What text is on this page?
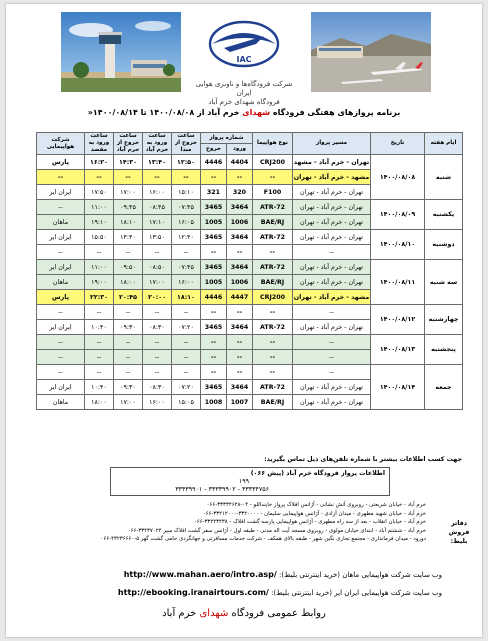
IAC
شرکت فرودگاه‌ها و ناوبری هوایی ایران
فرودگاه شهدای خرم آباد
برنامه پروازهای هفتگی فرودگاه شهدای خرم آباد از ۱۴۰۰/۰۸/۰۸ تا ۱۴۰۰/۰۸/۱۴«
ایام هفته	تاریخ	مسیر پرواز	نوع هواپیما	شماره پرواز		ساعت خروج از مبدا	ساعت ورود به خرم آباد	ساعت خروج از خرم آباد	ساعت ورود به مقصد	شرکت هواپیمایی
				ورود	خروج					
شنبه	۱۴۰۰/۰۸/۰۸	تهران - خرم آباد - مشهد	CRJ200	4404	4446	۱۲:۵۰	۱۳:۴۰	۱۴:۳۰	۱۶:۲۰	پارس
		مشهد - خرم آباد - تهران	--	--	--	--	--	--	--	--
		تهران - خرم آباد - تهران	F100	320	321	۱۵:۱۰	۱۶:۰۰	۱۷:۰۰	۱۷:۵۰	ایران ایر
یکشنبه	۱۴۰۰/۰۸/۰۹	تهران - خرم آباد - تهران	ATR-72	3464	3465	۰۷:۴۵	۰۸:۴۵	۰۹:۴۵	۱۱:۰۰	--
		تهران - خرم آباد - تهران	BAE/RJ	1006	1005	۱۶:۰۵	۱۷:۱۰	۱۸:۱۰	۱۹:۱۰	ماهان
دوشنبه	۱۴۰۰/۰۸/۱۰	تهران - خرم آباد - تهران	ATR-72	3464	3465	۱۲:۴۰	۱۳:۵۰	۱۴:۴۰	۱۵:۵۰	ایران ایر
		--	--	--	--	--	--	--	--	--
سه شنبه	۱۴۰۰/۰۸/۱۱	تهران - خرم آباد - تهران	ATR-72	3464	3465	۰۷:۴۵	۰۸:۵۰	۰۹:۵۰	۱۱:۰۰	ایران ایر
		تهران - خرم آباد - تهران	BAE/RJ	1006	1005	۱۶:۰۰	۱۷:۰۰	۱۸:۰۰	۱۹:۰۰	ماهان
		مشهد - خرم آباد - تهران	CRJ200	4447	4446	۱۸:۱۰	۲۰:۰۰	۲۰:۴۵	۲۲:۳۰	پارس
چهارشنبه	۱۴۰۰/۰۸/۱۲	--	--	--	--	--	--	--	--	--
		تهران - خرم آباد - تهران	ATR-72	3464	3465	۰۷:۲۰	۰۸:۳۰	۰۹:۳۰	۱۰:۴۰	ایران ایر
پنجشنبه	۱۴۰۰/۰۸/۱۳	--	--	--	--	--	--	--	--	--
		--	--	--	--	--	--	--	--	--
جمعه	۱۴۰۰/۰۸/۱۴	--	--	--	--	--	--	--	--	--
		تهران - خرم آباد - تهران	ATR-72	3464	3465	۰۷:۲۰	۰۸:۳۰	۰۹:۳۰	۱۰:۴۰	ایران ایر
		تهران - خرم آباد - تهران	BAE/RJ	1007	1008	۱۵:۰۵	۱۶:۰۰	۱۷:۰۰	۱۸:۰۰	ماهان
جهت کسب اطلاعات بیشتر با شماره تلفن‌های ذیل تماس بگیرید:
اطلاعات پرواز فرودگاه خرم آباد (پیش ۰۶۶)
۱۹۹
۳۳۳۳۴۷۵۶ - ۳۳۳۳۹۹۰۲ - ۳۳۳۳۹۹۰۱
خرم آباد - خیابان شریعتی - روبروی آتش نشانی - آژانس افلاک پرواز خاپنداللو - ۰۴-۳۳۳۳۴۶۴۸-۰۶۶
خرم آباد - خیابان شهید مطهری - میدان آزادی - آژانس هواپیمایی سلیمان - ۳۳۲۰۰۰۰-۳۳۲۱۲۰۰۰-۰۶۶
خرم آباد - خیابان انقلاب - بعد از سه راه مطهری - آژانس هواپیمایی پارسه گشت افلاک - ۳۳۲۲۳۴۳۸-۰۶۶
خرم آباد - ششتم آباد - ابتدای خیابان مولوی - روبروی مسجد آیت اله مدنی - طبقه اول - آژانس سفر گشت افلاک سیر ۳۳۴۳۷۰۲۴-۰۶۶
دورود - میدان فرمانداری - مجتمع تجاری نگین شهر - طبقه بالای همکف - شرکت خدمات مسافرتی و جهانگردی حامی گشت گهر ۵-۴۳۲۳۶۶۶۰-۰۶۶
دفاتر فروش بلیط:
وب سایت شرکت هواپیمایی ماهان (خرید اینترنتی بلیط): http://www.mahan.aero/intro.asp/
وب سایت شرکت هواپیمایی ایران ایر (خرید اینترنتی بلیط): http://ebooking.iranairtours.com/
روابط عمومی فرودگاه شهدای خرم آباد
